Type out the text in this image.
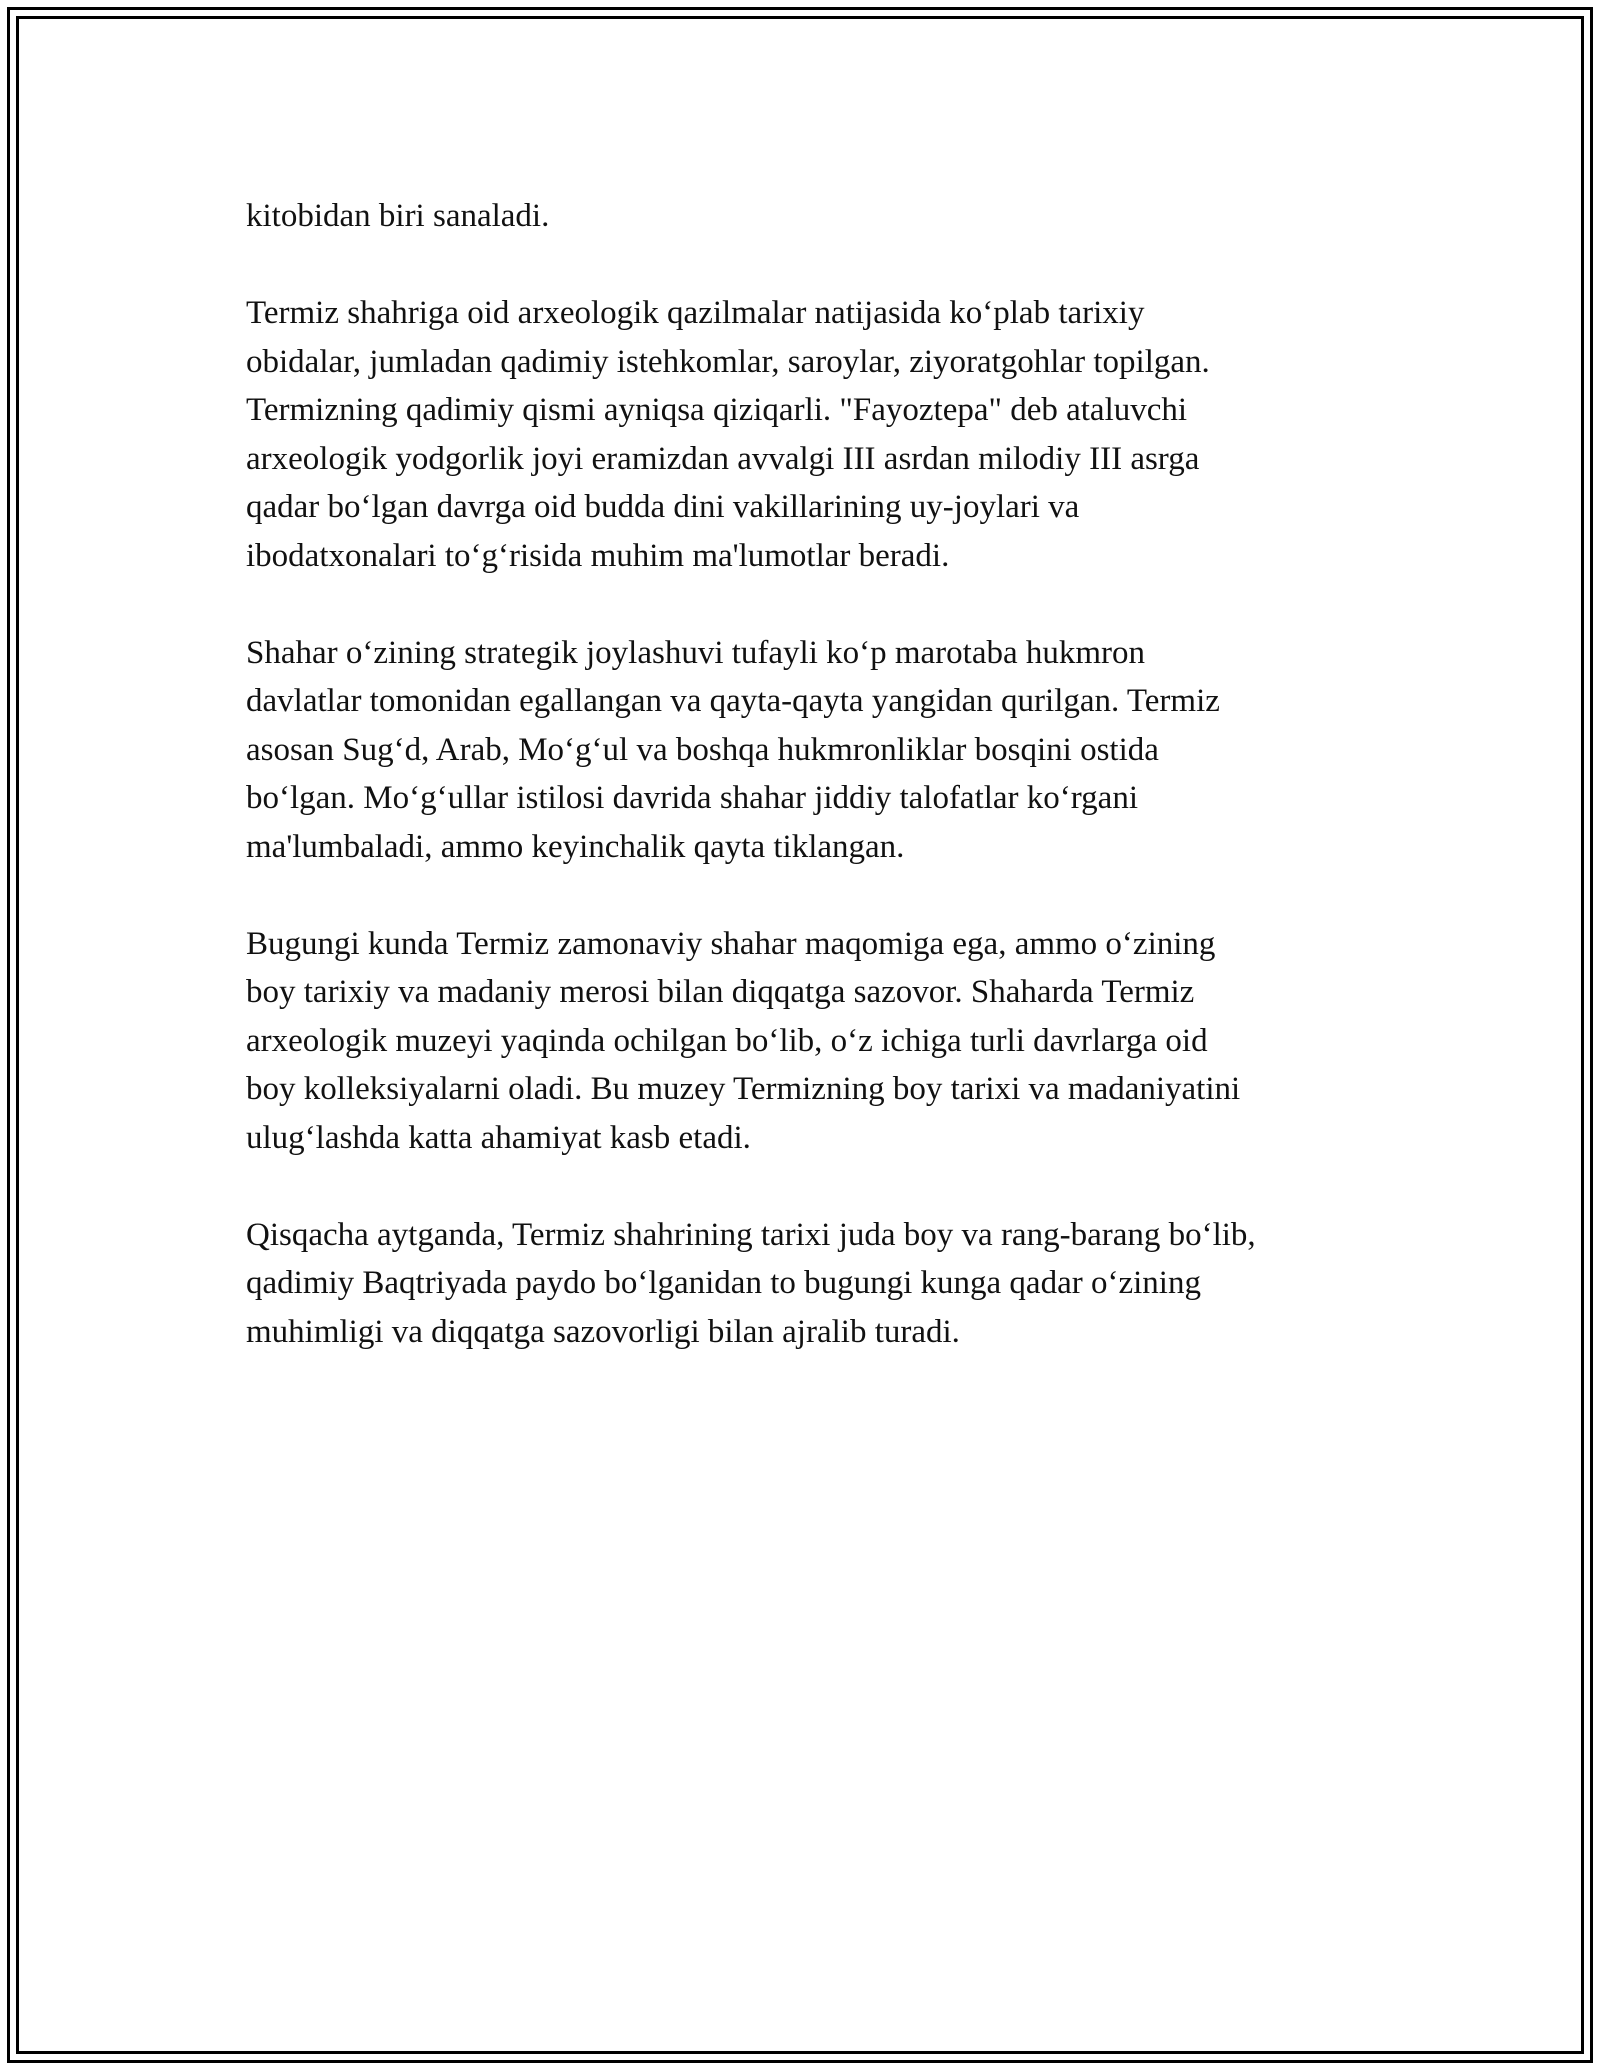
kitobidan biri sanaladi.

Termiz shahriga oid arxeologik qazilmalar natijasida koʻplab tarixiy
obidalar, jumladan qadimiy istehkomlar, saroylar, ziyoratgohlar topilgan.
Termizning qadimiy qismi ayniqsa qiziqarli. "Fayoztepa" deb ataluvchi
arxeologik yodgorlik joyi eramizdan avvalgi III asrdan milodiy III asrga
qadar boʻlgan davrga oid budda dini vakillarining uy-joylari va
ibodatxonalari toʻgʻrisida muhim ma'lumotlar beradi.

Shahar oʻzining strategik joylashuvi tufayli koʻp marotaba hukmron
davlatlar tomonidan egallangan va qayta-qayta yangidan qurilgan. Termiz
asosan Sugʻd, Arab, Moʻgʻul va boshqa hukmronliklar bosqini ostida
boʻlgan. Moʻgʻullar istilosi davrida shahar jiddiy talofatlar koʻrgani
ma'lumbaladi, ammo keyinchalik qayta tiklangan.

Bugungi kunda Termiz zamonaviy shahar maqomiga ega, ammo oʻzining
boy tarixiy va madaniy merosi bilan diqqatga sazovor. Shaharda Termiz
arxeologik muzeyi yaqinda ochilgan boʻlib, oʻz ichiga turli davrlarga oid
boy kolleksiyalarni oladi. Bu muzey Termizning boy tarixi va madaniyatini
ulugʻlashda katta ahamiyat kasb etadi.

Qisqacha aytganda, Termiz shahrining tarixi juda boy va rang-barang boʻlib,
qadimiy Baqtriyada paydo boʻlganidan to bugungi kunga qadar oʻzining
muhimligi va diqqatga sazovorligi bilan ajralib turadi.
